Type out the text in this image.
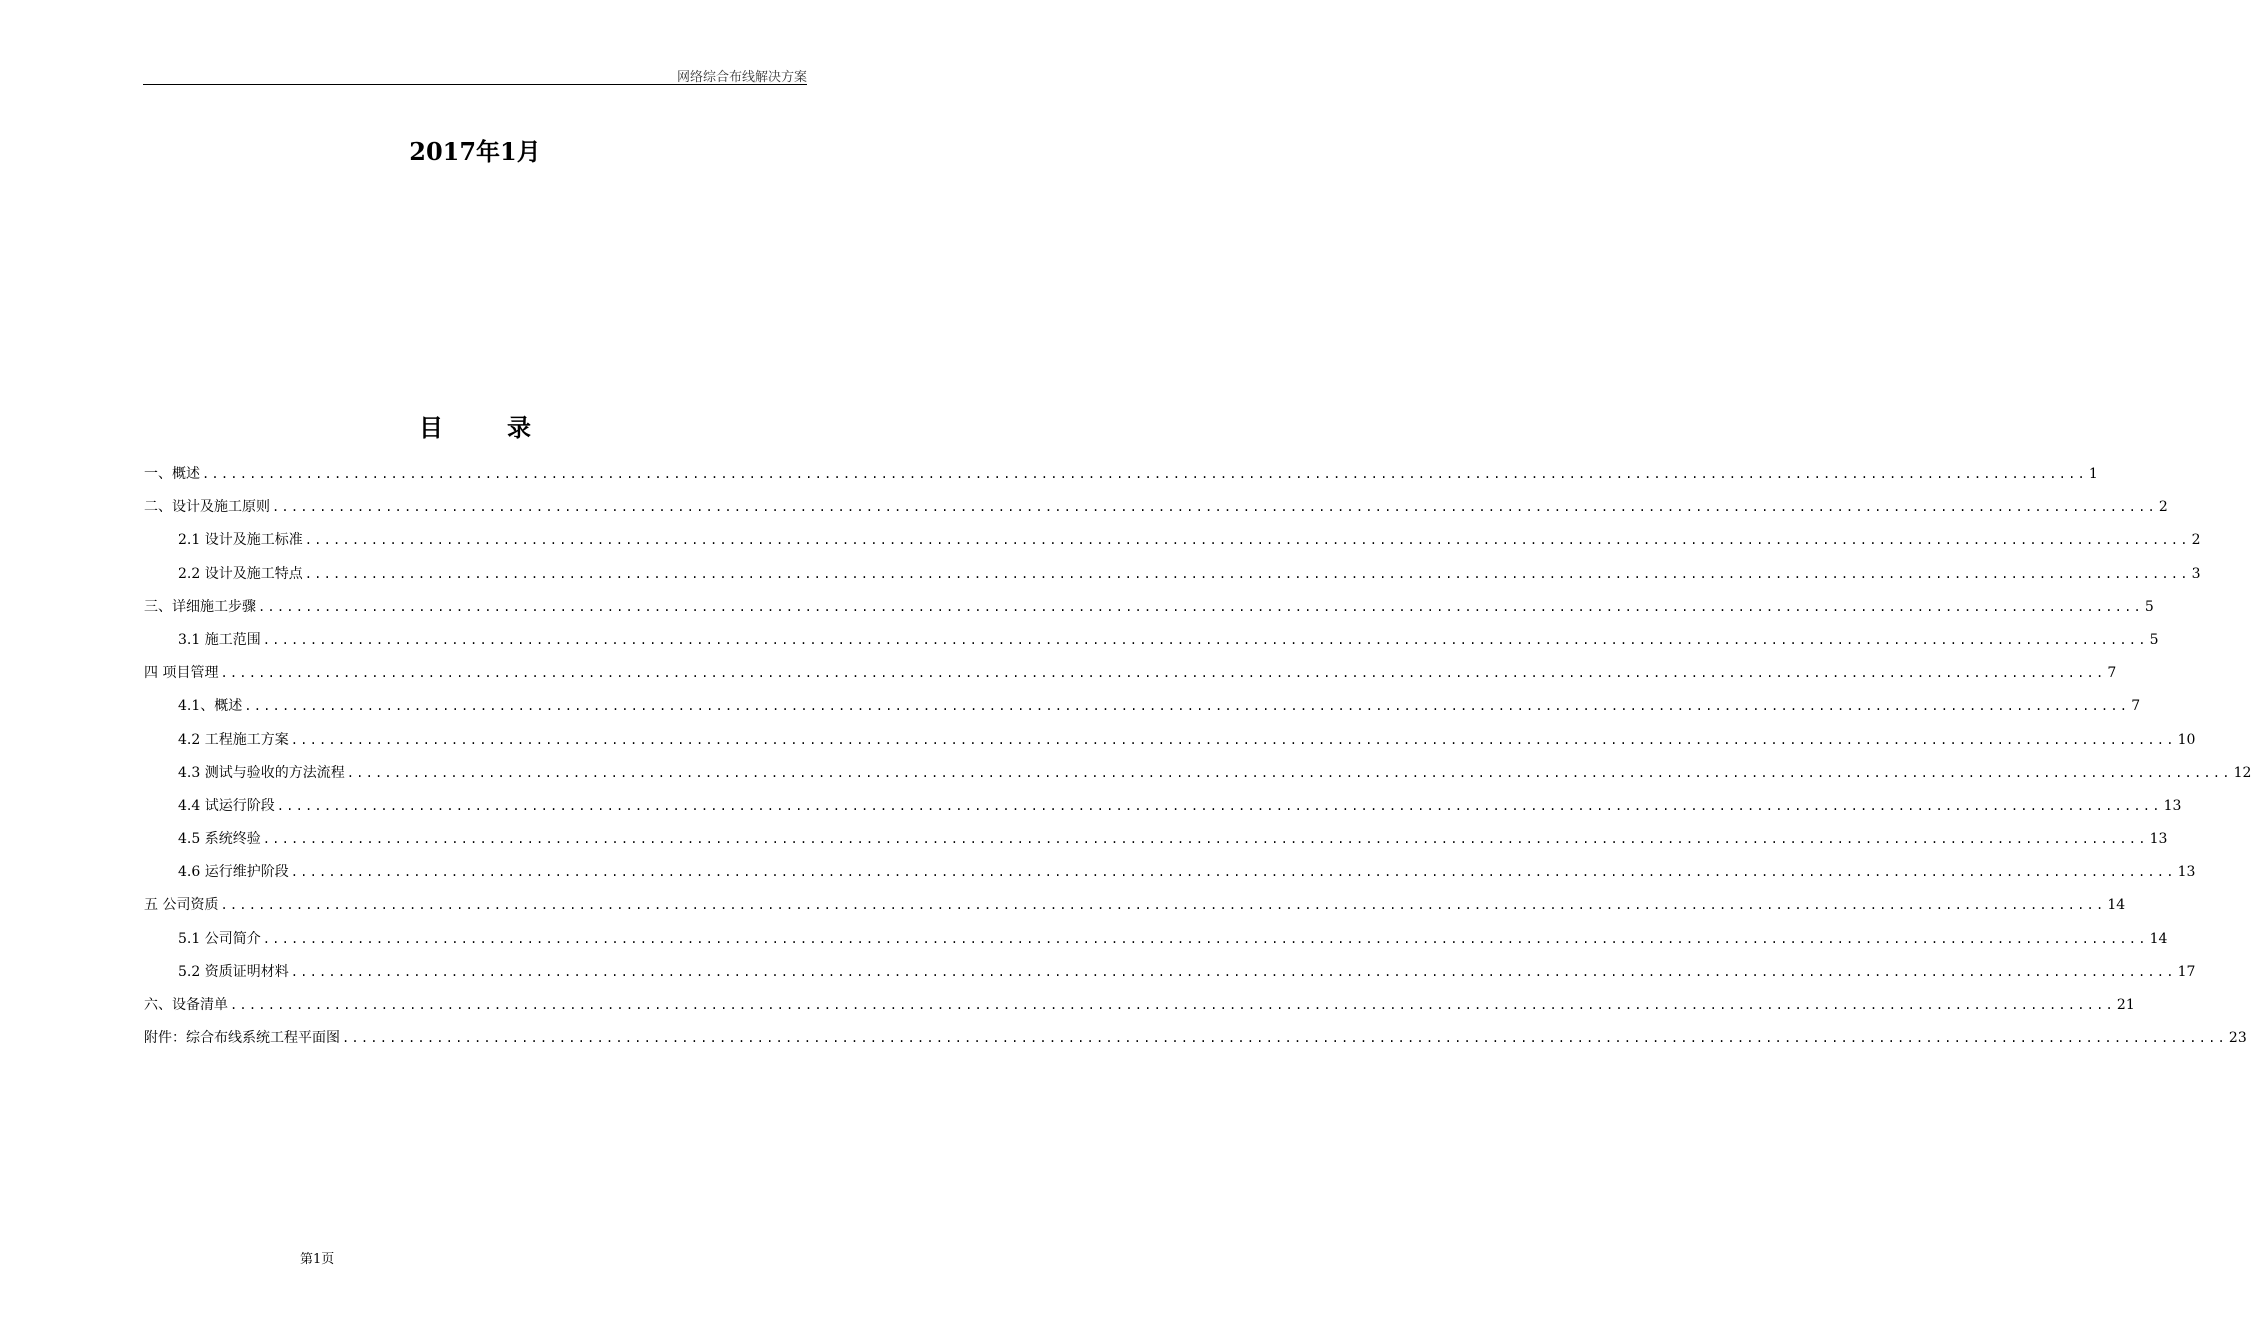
网络综合布线解决方案
2017年1月
目　录
一、概述 ........................................................................................................................................................................................................ 1
二、设计及施工原则 ........................................................................................................................................................................................................ 2
2.1 设计及施工标准 ........................................................................................................................................................................................................ 2
2.2 设计及施工特点 ........................................................................................................................................................................................................ 3
三、详细施工步骤 ........................................................................................................................................................................................................ 5
3.1 施工范围 ........................................................................................................................................................................................................ 5
四 项目管理 ........................................................................................................................................................................................................ 7
4.1、概述 ........................................................................................................................................................................................................ 7
4.2 工程施工方案 ........................................................................................................................................................................................................ 10
4.3 测试与验收的方法流程 ........................................................................................................................................................................................................ 12
4.4 试运行阶段 ........................................................................................................................................................................................................ 13
4.5 系统终验 ........................................................................................................................................................................................................ 13
4.6 运行维护阶段 ........................................................................................................................................................................................................ 13
五 公司资质 ........................................................................................................................................................................................................ 14
5.1 公司简介 ........................................................................................................................................................................................................ 14
5.2 资质证明材料 ........................................................................................................................................................................................................ 17
六、设备清单 ........................................................................................................................................................................................................ 21
附件：综合布线系统工程平面图 ........................................................................................................................................................................................................ 23
第1页
